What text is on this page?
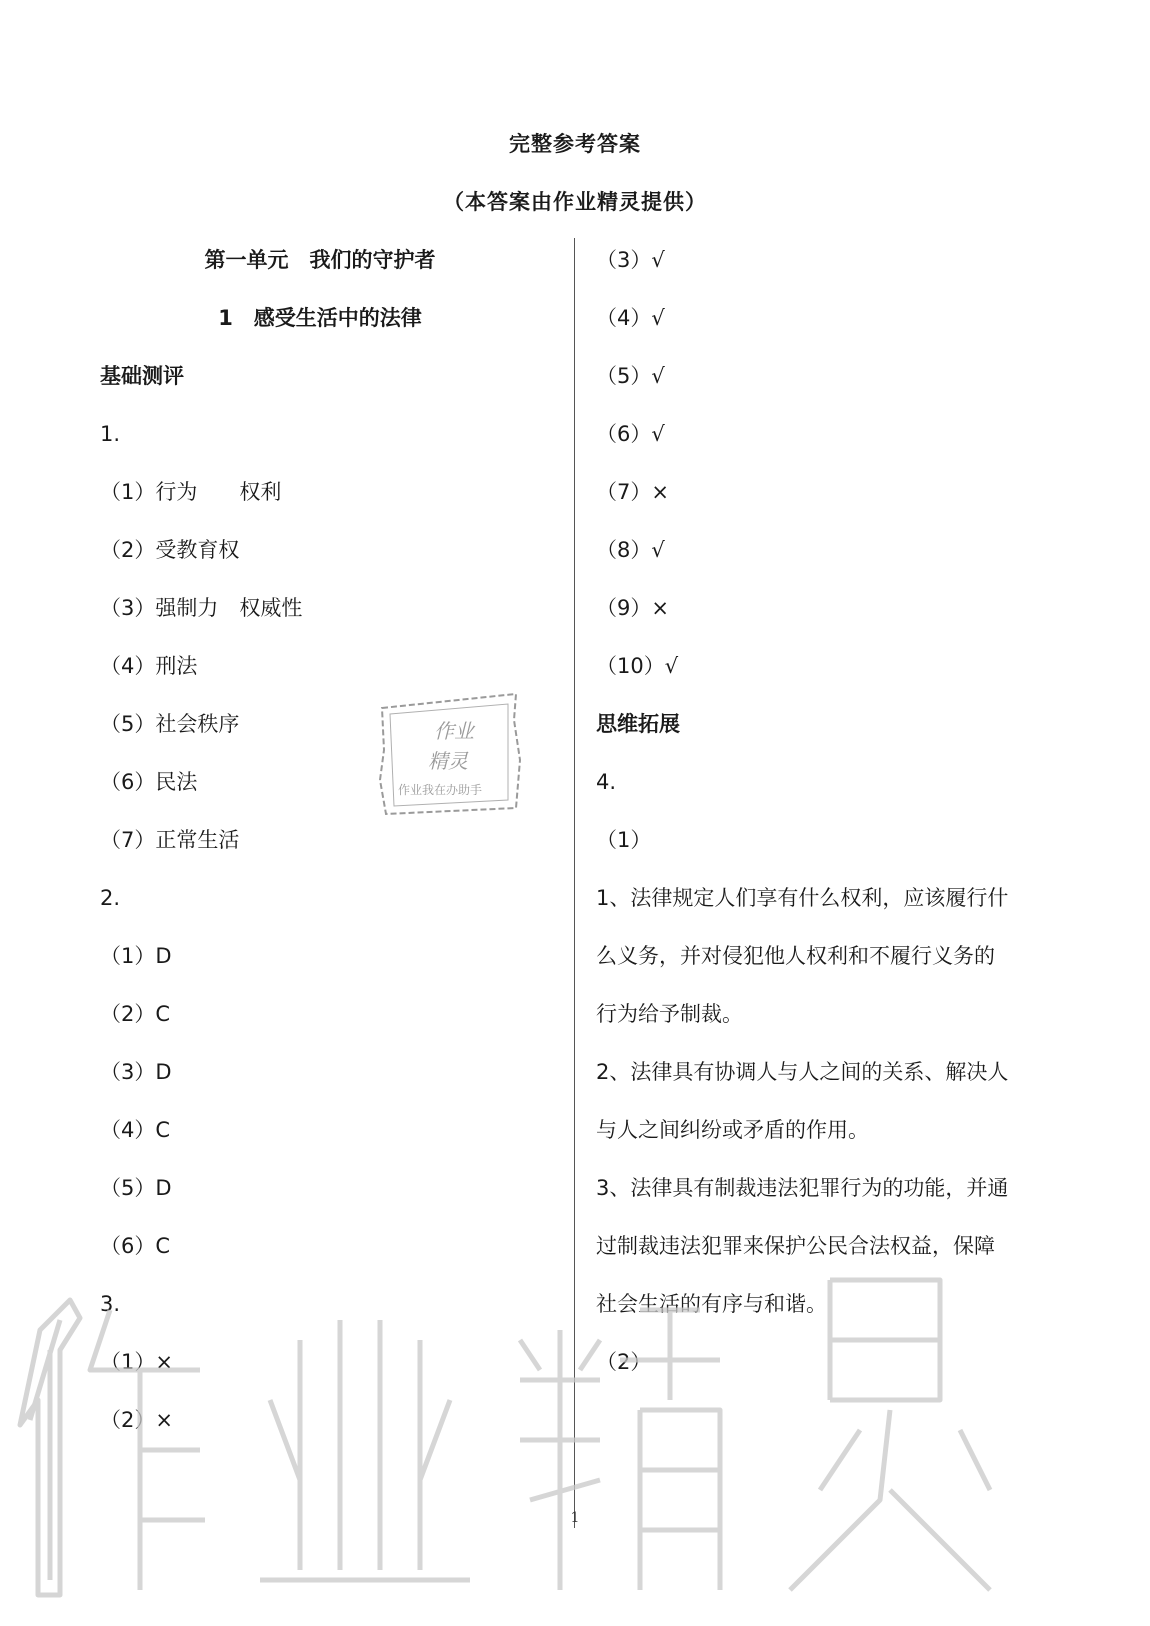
完整参考答案
（本答案由作业精灵提供）
第一单元　我们的守护者
1　感受生活中的法律
基础测评
1.
（1）行为　　权利
（2）受教育权
（3）强制力　权威性
（4）刑法
（5）社会秩序
（6）民法
（7）正常生活
2.
（1）D
（2）C
（3）D
（4）C
（5）D
（6）C
3.
（1）×
（2）×
（3）√
（4）√
（5）√
（6）√
（7）×
（8）√
（9）×
（10）√
思维拓展
4.
（1）
1、法律规定人们享有什么权利，应该履行什
么义务，并对侵犯他人权利和不履行义务的
行为给予制裁。
2、法律具有协调人与人之间的关系、解决人
与人之间纠纷或矛盾的作用。
3、法律具有制裁违法犯罪行为的功能，并通
过制裁违法犯罪来保护公民合法权益，保障
社会生活的有序与和谐。
（2）
作业
精灵
作业我在办助手
1
